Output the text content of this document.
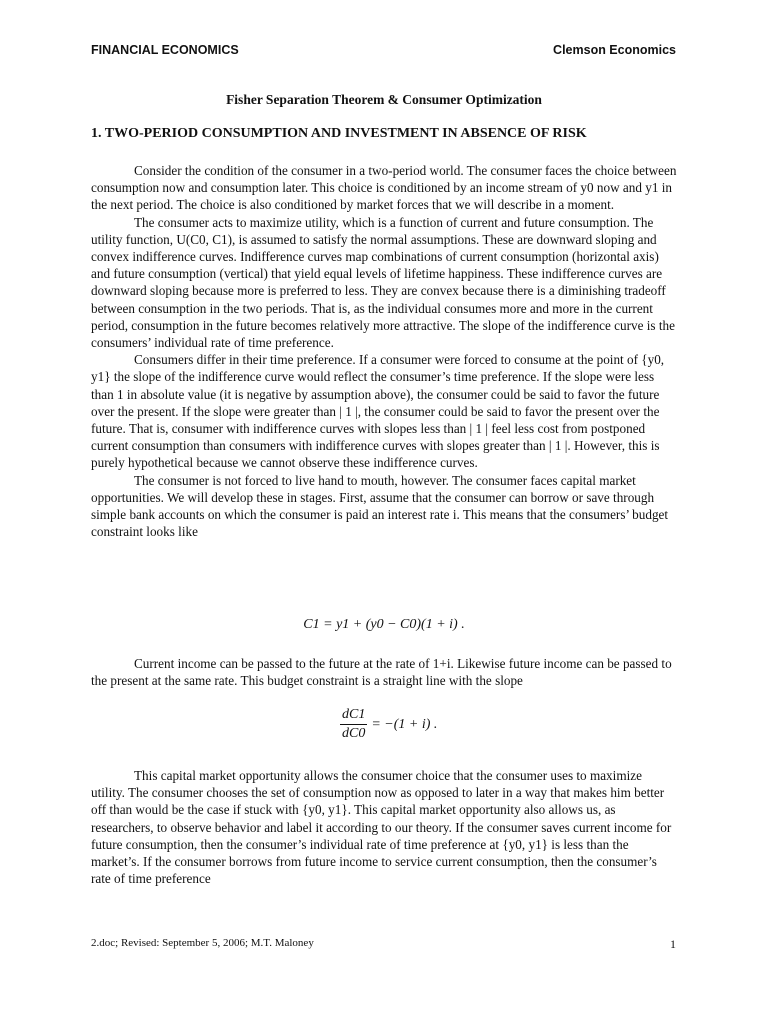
FINANCIAL ECONOMICS	Clemson Economics
Fisher Separation Theorem & Consumer Optimization
1. TWO-PERIOD CONSUMPTION AND INVESTMENT IN ABSENCE OF RISK

Consider the condition of the consumer in a two-period world. The consumer faces the choice between consumption now and consumption later. This choice is conditioned by an income stream of y0 now and y1 in the next period. The choice is also conditioned by market forces that we will describe in a moment.

The consumer acts to maximize utility, which is a function of current and future consumption. The utility function, U(C0, C1), is assumed to satisfy the normal assumptions. These are downward sloping and convex indifference curves. Indifference curves map combinations of current consumption (horizontal axis) and future consumption (vertical) that yield equal levels of lifetime happiness. These indifference curves are downward sloping because more is preferred to less. They are convex because there is a diminishing tradeoff between consumption in the two periods. That is, as the individual consumes more and more in the current period, consumption in the future becomes relatively more attractive. The slope of the indifference curve is the consumers’ individual rate of time preference.

Consumers differ in their time preference. If a consumer were forced to consume at the point of {y0, y1} the slope of the indifference curve would reflect the consumer’s time preference. If the slope were less than 1 in absolute value (it is negative by assumption above), the consumer could be said to favor the future over the present. If the slope were greater than | 1 |, the consumer could be said to favor the present over the future. That is, consumer with indifference curves with slopes less than | 1 | feel less cost from postponed current consumption than consumers with indifference curves with slopes greater than | 1 |. However, this is purely hypothetical because we cannot observe these indifference curves.

The consumer is not forced to live hand to mouth, however. The consumer faces capital market opportunities. We will develop these in stages. First, assume that the consumer can borrow or save through simple bank accounts on which the consumer is paid an interest rate i. This means that the consumers’ budget constraint looks like

C1 = y1 + (y0 − C0)(1 + i) .

Current income can be passed to the future at the rate of 1+i. Likewise future income can be passed to the present at the same rate. This budget constraint is a straight line with the slope

$\frac{dC1}{dC0} = -(1 + i)$ .

This capital market opportunity allows the consumer choice that the consumer uses to maximize utility. The consumer chooses the set of consumption now as opposed to later in a way that makes him better off than would be the case if stuck with {y0, y1}. This capital market opportunity also allows us, as researchers, to observe behavior and label it according to our theory. If the consumer saves current income for future consumption, then the consumer’s individual rate of time preference at {y0, y1} is less than the market’s. If the consumer borrows from future income to service current consumption, then the consumer’s rate of time preference

2.doc; Revised: September 5, 2006; M.T. Maloney	1
